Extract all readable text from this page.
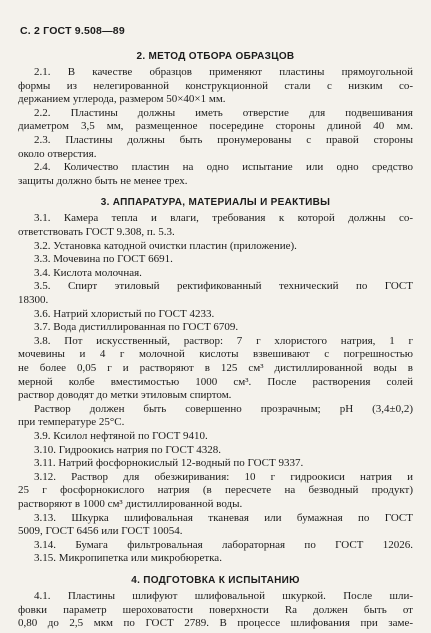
С. 2 ГОСТ 9.508—89
2. МЕТОД ОТБОРА ОБРАЗЦОВ
2.1. В качестве образцов применяют пластины прямоугольной
формы из нелегированной конструкционной стали с низким со-
держанием углерода, размером 50×40×1 мм.
2.2. Пластины должны иметь отверстие для подвешивания
диаметром 3,5 мм, размещенное посередине стороны длиной 40 мм.
2.3. Пластины должны быть пронумерованы с правой стороны
около отверстия.
2.4. Количество пластин на одно испытание или одно средство
защиты должно быть не менее трех.
3. АППАРАТУРА, МАТЕРИАЛЫ И РЕАКТИВЫ
3.1. Камера тепла и влаги, требования к которой должны со-
ответствовать ГОСТ 9.308, п. 5.3.
3.2. Установка катодной очистки пластин (приложение).
3.3. Мочевина по ГОСТ 6691.
3.4. Кислота молочная.
3.5. Спирт этиловый ректификованный технический по ГОСТ
18300.
3.6. Натрий хлористый по ГОСТ 4233.
3.7. Вода дистиллированная по ГОСТ 6709.
3.8. Пот искусственный, раствор: 7 г хлористого натрия, 1 г
мочевины и 4 г молочной кислоты взвешивают с погрешностью
не более 0,05 г и растворяют в 125 см³ дистиллированной воды в
мерной колбе вместимостью 1000 см³. После растворения солей
раствор доводят до метки этиловым спиртом.
Раствор должен быть совершенно прозрачным; pH (3,4±0,2)
при температуре 25°С.
3.9. Ксилол нефтяной по ГОСТ 9410.
3.10. Гидроокись натрия по ГОСТ 4328.
3.11. Натрий фосфорнокислый 12-водный по ГОСТ 9337.
3.12. Раствор для обезжиривания: 10 г гидроокиси натрия и
25 г фосфорнокислого натрия (в пересчете на безводный продукт)
растворяют в 1000 см³ дистиллированной воды.
3.13. Шкурка шлифовальная тканевая или бумажная по ГОСТ
5009, ГОСТ 6456 или ГОСТ 10054.
3.14. Бумага фильтровальная лабораторная по ГОСТ 12026.
3.15. Микропипетка или микробюретка.
4. ПОДГОТОВКА К ИСПЫТАНИЮ
4.1. Пластины шлифуют шлифовальной шкуркой. После шли-
фовки параметр шероховатости поверхности Ra должен быть от
0,80 до 2,5 мкм по ГОСТ 2789. В процессе шлифования при заме-
